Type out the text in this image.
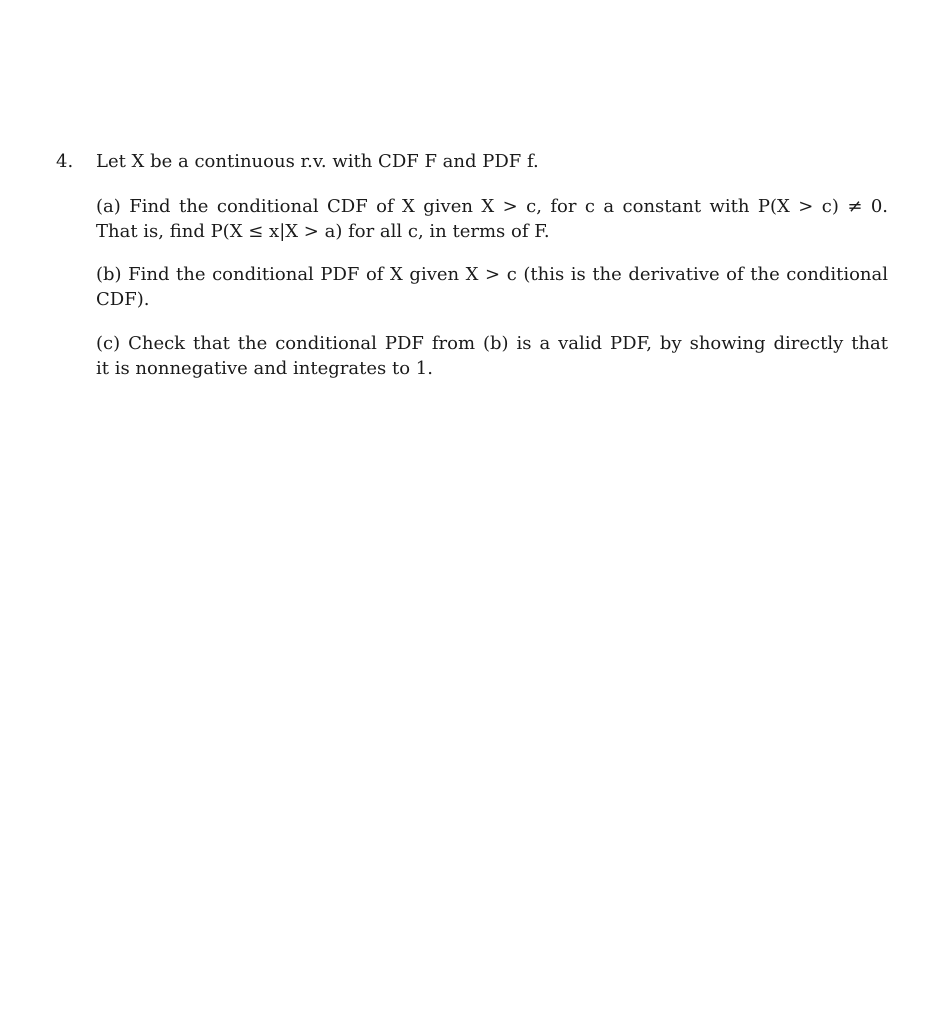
4. Let X be a continuous r.v. with CDF F and PDF f.
(a) Find the conditional CDF of X given X > c, for c a constant with P(X > c) ≠ 0.
That is, find P(X ≤ x|X > a) for all c, in terms of F.
(b) Find the conditional PDF of X given X > c (this is the derivative of the conditional
CDF).
(c) Check that the conditional PDF from (b) is a valid PDF, by showing directly that
it is nonnegative and integrates to 1.
